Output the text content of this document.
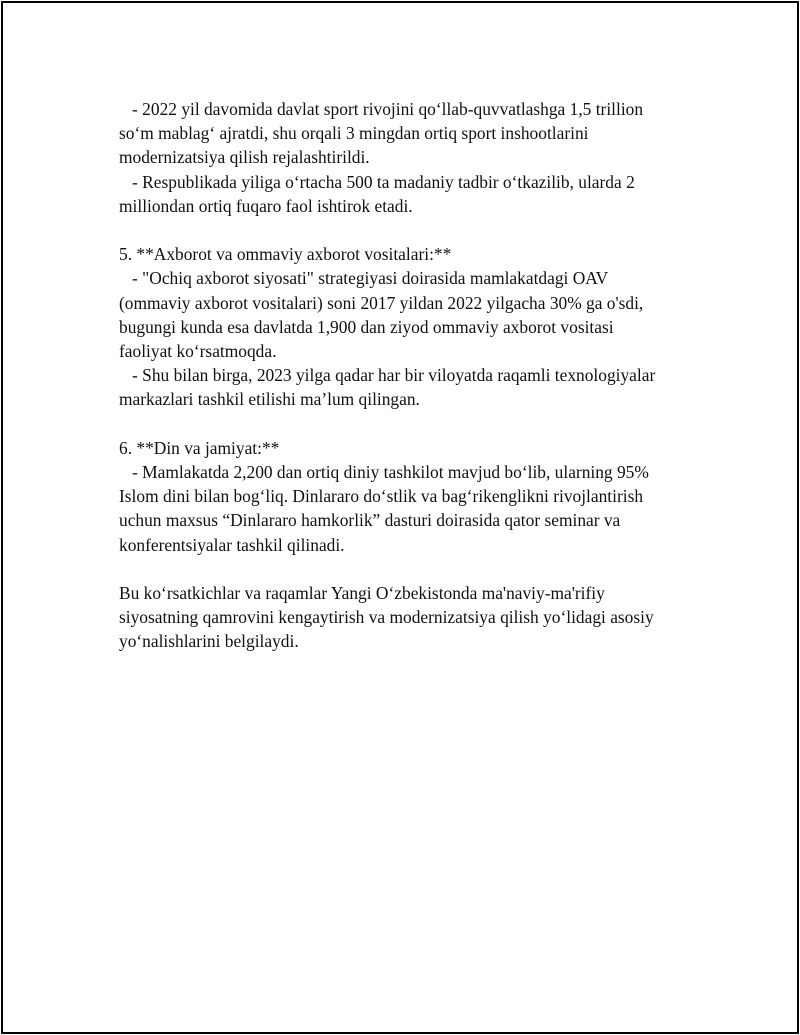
- 2022 yil davomida davlat sport rivojini qo‘llab-quvvatlashga 1,5 trillion

so‘m mablag‘ ajratdi, shu orqali 3 mingdan ortiq sport inshootlarini

modernizatsiya qilish rejalashtirildi.

- Respublikada yiliga o‘rtacha 500 ta madaniy tadbir o‘tkazilib, ularda 2

milliondan ortiq fuqaro faol ishtirok etadi.

5. **Axborot va ommaviy axborot vositalari:**

- "Ochiq axborot siyosati" strategiyasi doirasida mamlakatdagi OAV

(ommaviy axborot vositalari) soni 2017 yildan 2022 yilgacha 30% ga o'sdi,

bugungi kunda esa davlatda 1,900 dan ziyod ommaviy axborot vositasi

faoliyat ko‘rsatmoqda.

- Shu bilan birga, 2023 yilga qadar har bir viloyatda raqamli texnologiyalar

markazlari tashkil etilishi ma’lum qilingan.

6. **Din va jamiyat:**

- Mamlakatda 2,200 dan ortiq diniy tashkilot mavjud bo‘lib, ularning 95%

Islom dini bilan bog‘liq. Dinlararo do‘stlik va bag‘rikenglikni rivojlantirish

uchun maxsus “Dinlararo hamkorlik” dasturi doirasida qator seminar va

konferentsiyalar tashkil qilinadi.

Bu ko‘rsatkichlar va raqamlar Yangi O‘zbekistonda ma'naviy-ma'rifiy

siyosatning qamrovini kengaytirish va modernizatsiya qilish yo‘lidagi asosiy

yo‘nalishlarini belgilaydi.
